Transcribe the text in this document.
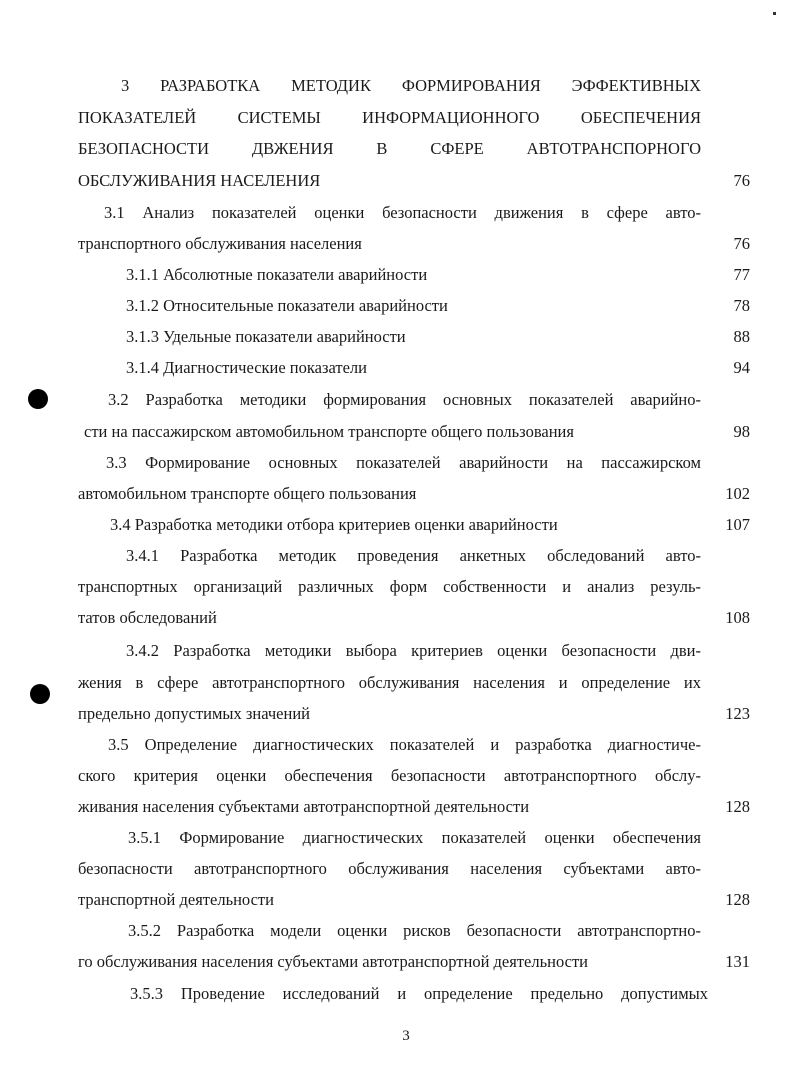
3 РАЗРАБОТКА МЕТОДИК ФОРМИРОВАНИЯ ЭФФЕКТИВНЫХ
ПОКАЗАТЕЛЕЙ СИСТЕМЫ ИНФОРМАЦИОННОГО ОБЕСПЕЧЕНИЯ
БЕЗОПАСНОСТИ ДВЖЕНИЯ В СФЕРЕ АВТОТРАНСПОРНОГО
ОБСЛУЖИВАНИЯ НАСЕЛЕНИЯ	76
3.1 Анализ показателей оценки безопасности движения в сфере авто-
транспортного обслуживания населения	76
3.1.1 Абсолютные показатели аварийности	77
3.1.2 Относительные показатели аварийности	78
3.1.3 Удельные показатели аварийности	88
3.1.4 Диагностические показатели	94
3.2 Разработка методики формирования основных показателей аварийно-
сти на пассажирском автомобильном транспорте общего пользования	98
3.3 Формирование основных показателей аварийности на пассажирском
автомобильном транспорте общего пользования	102
3.4 Разработка методики отбора критериев оценки аварийности	107
3.4.1 Разработка методик проведения анкетных обследований авто-
транспортных организаций различных форм собственности и анализ резуль-
татов обследований	108
3.4.2 Разработка методики выбора критериев оценки безопасности дви-
жения в сфере автотранспортного обслуживания населения и определение их
предельно допустимых значений	123
3.5 Определение диагностических показателей и разработка диагностиче-
ского критерия оценки обеспечения безопасности автотранспортного обслу-
живания населения субъектами автотранспортной деятельности	128
3.5.1 Формирование диагностических показателей оценки обеспечения
безопасности автотранспортного обслуживания населения субъектами авто-
транспортной деятельности	128
3.5.2 Разработка модели оценки рисков безопасности автотранспортно-
го обслуживания населения субъектами автотранспортной деятельности	131
3.5.3 Проведение исследований и определение предельно допустимых
3
